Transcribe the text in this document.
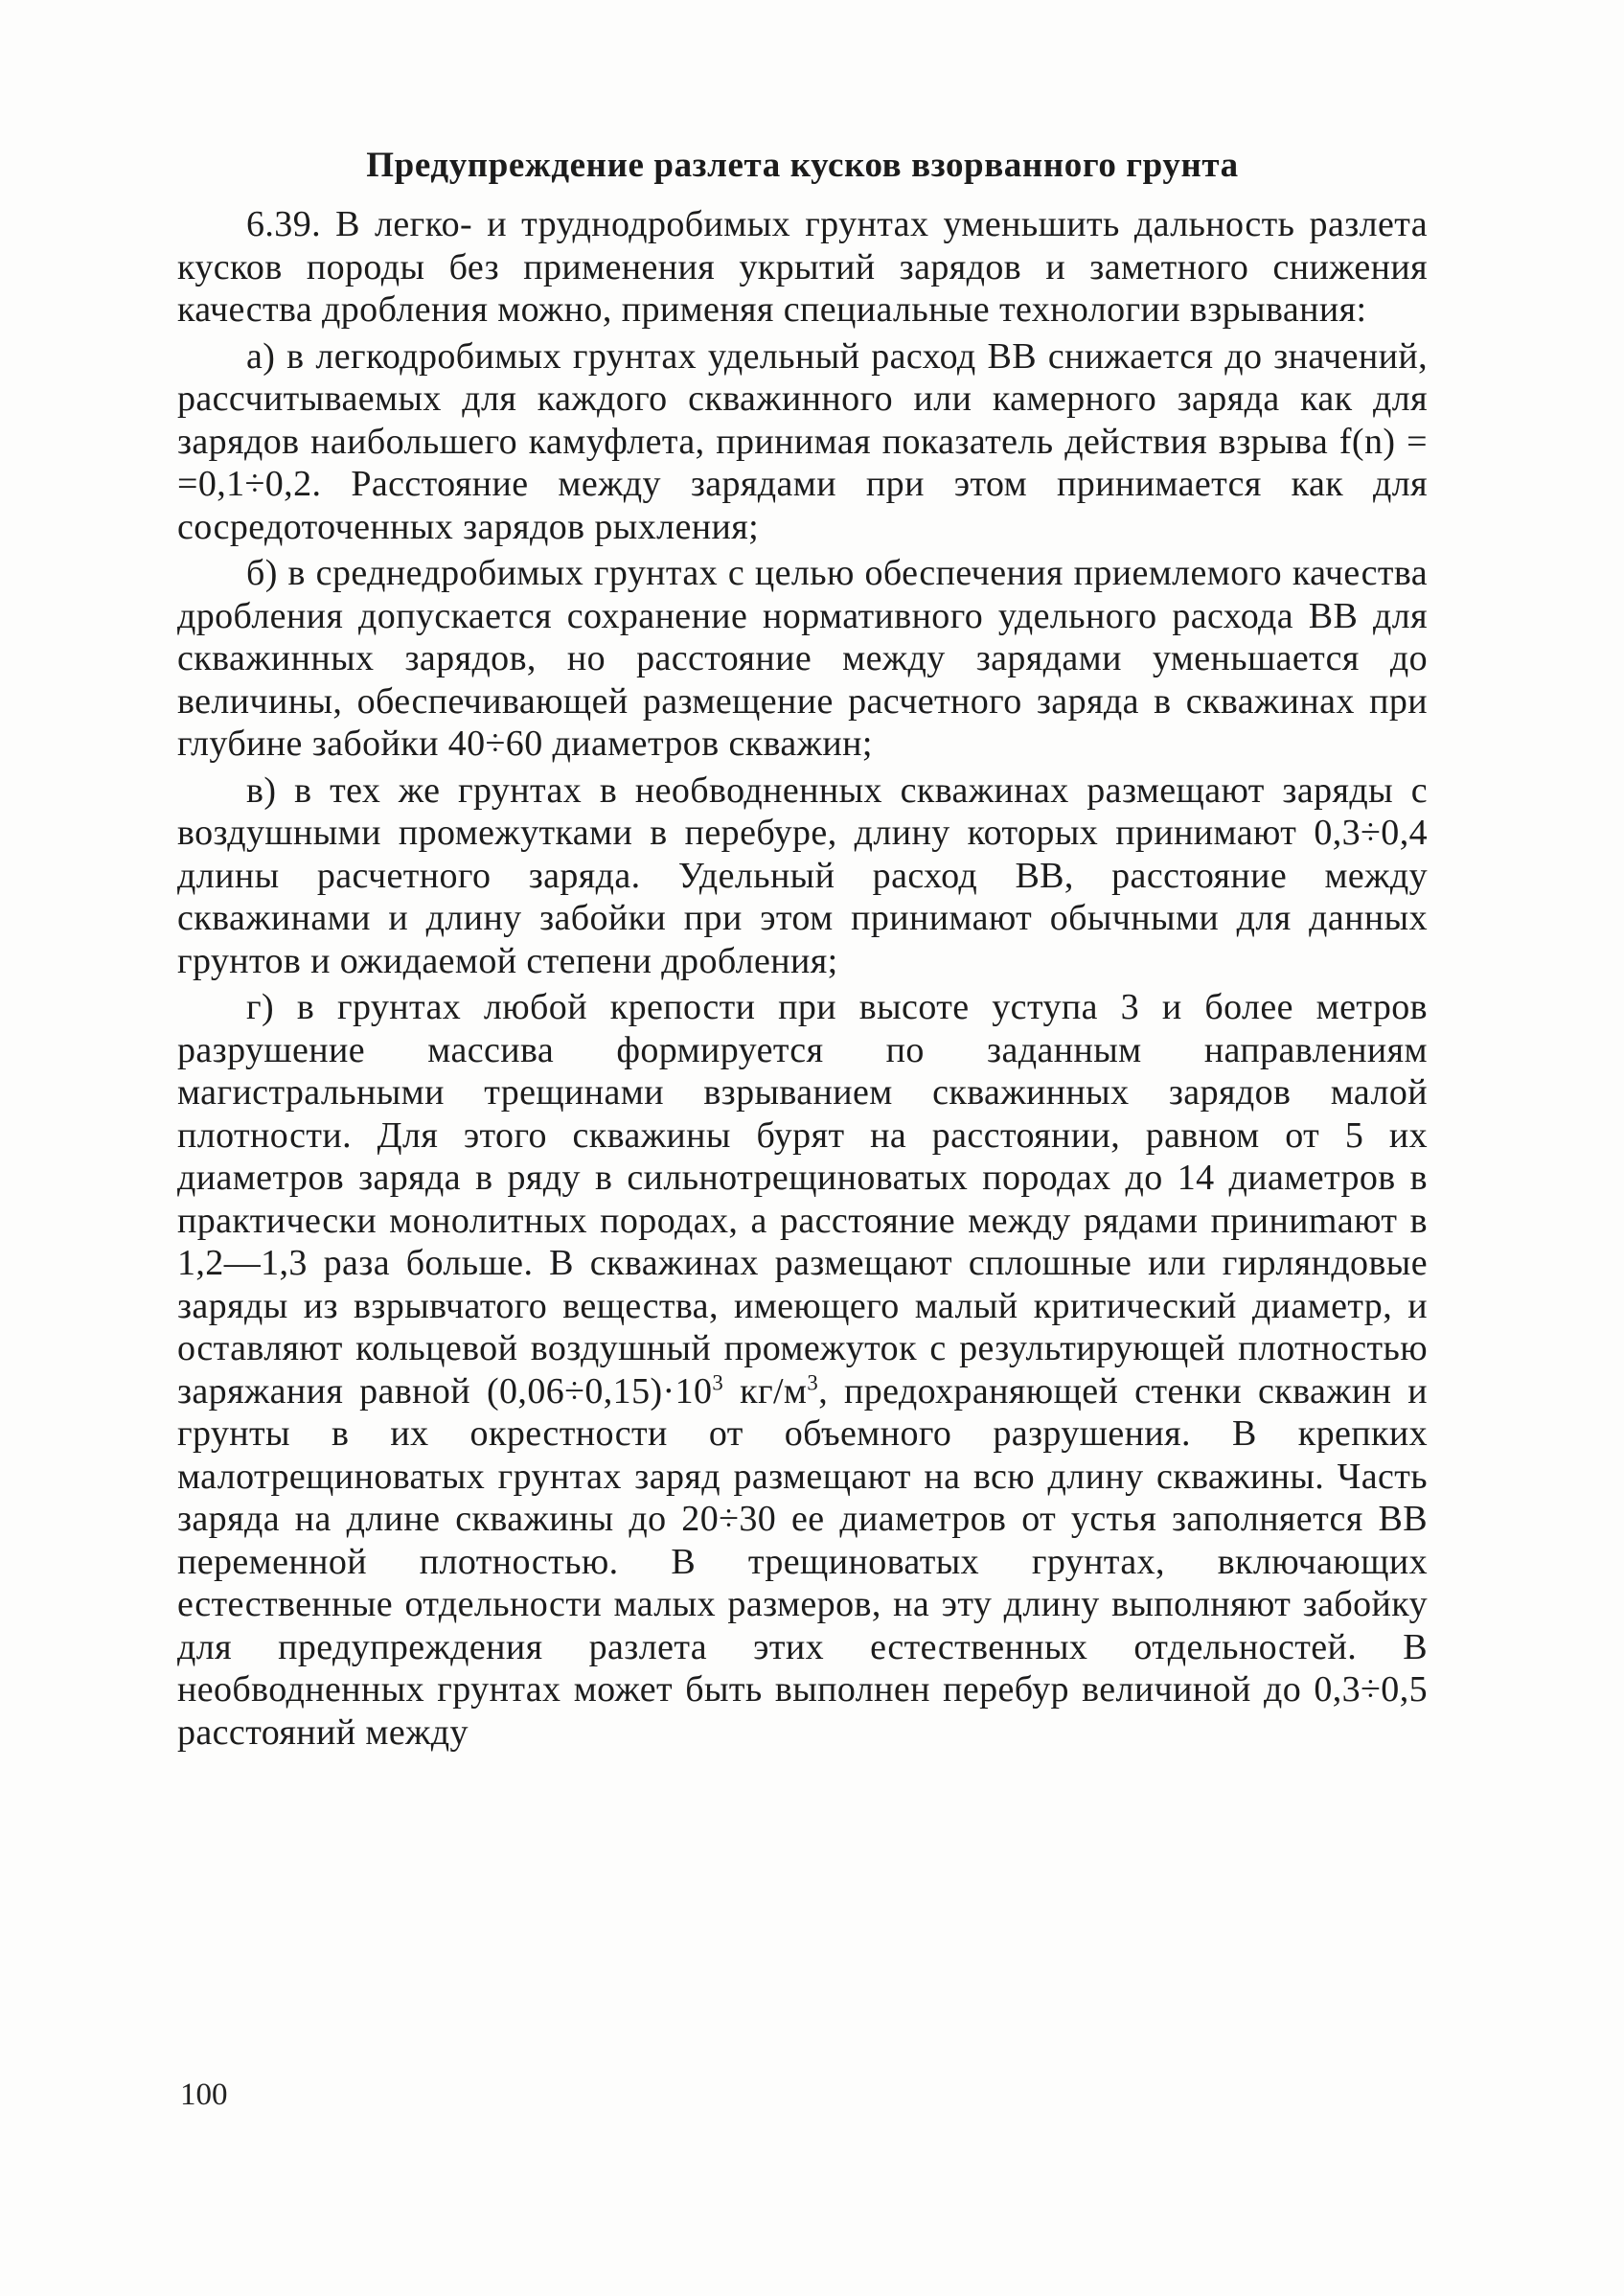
Предупреждение разлета кусков взорванного грунта

6.39. В легко- и труднодробимых грунтах уменьшить дальность разлета кусков породы без применения укрытий зарядов и заметного снижения качества дробления можно, применяя специальные технологии взрывания:

а) в легкодробимых грунтах удельный расход ВВ снижается до значений, рассчитываемых для каждого скважинного или камерного заряда как для зарядов наибольшего камуфлета, принимая показатель действия взрыва f(n) = =0,1÷0,2. Расстояние между зарядами при этом принимается как для сосредоточенных зарядов рыхления;

б) в среднедробимых грунтах с целью обеспечения приемлемого качества дробления допускается сохранение нормативного удельного расхода ВВ для скважинных зарядов, но расстояние между зарядами уменьшается до величины, обеспечивающей размещение расчетного заряда в скважинах при глубине забойки 40÷60 диаметров скважин;

в) в тех же грунтах в необводненных скважинах размещают заряды с воздушными промежутками в перебуре, длину которых принимают 0,3÷0,4 длины расчетного заряда. Удельный расход ВВ, расстояние между скважинами и длину забойки при этом принимают обычными для данных грунтов и ожидаемой степени дробления;

г) в грунтах любой крепости при высоте уступа 3 и более метров разрушение массива формируется по заданным направлениям магистральными трещинами взрыванием скважинных зарядов малой плотности. Для этого скважины бурят на расстоянии, равном от 5 их диаметров заряда в ряду в сильнотрещиноватых породах до 14 диаметров в практически монолитных породах, а расстояние между рядами приниmают в 1,2—1,3 раза больше. В скважинах размещают сплошные или гирляндовые заряды из взрывчатого вещества, имеющего малый критический диаметр, и оставляют кольцевой воздушный промежуток с результирующей плотностью заряжания равной $(0,06\div 0,15)\cdot 10^3$ $кг/м^3$, предохраняющей стенки скважин и грунты в их окрестности от объемного разрушения. В крепких малотрещиноватых грунтах заряд размещают на всю длину скважины. Часть заряда на длине скважины до 20÷30 ее диаметров от устья заполняется ВВ переменной плотностью. В трещиноватых грунтах, включающих естественные отдельности малых размеров, на эту длину выполняют забойку для предупреждения разлета этих естественных отдельностей. В необводненных грунтах может быть выполнен перебур величиной до 0,3÷0,5 расстояний между

100
